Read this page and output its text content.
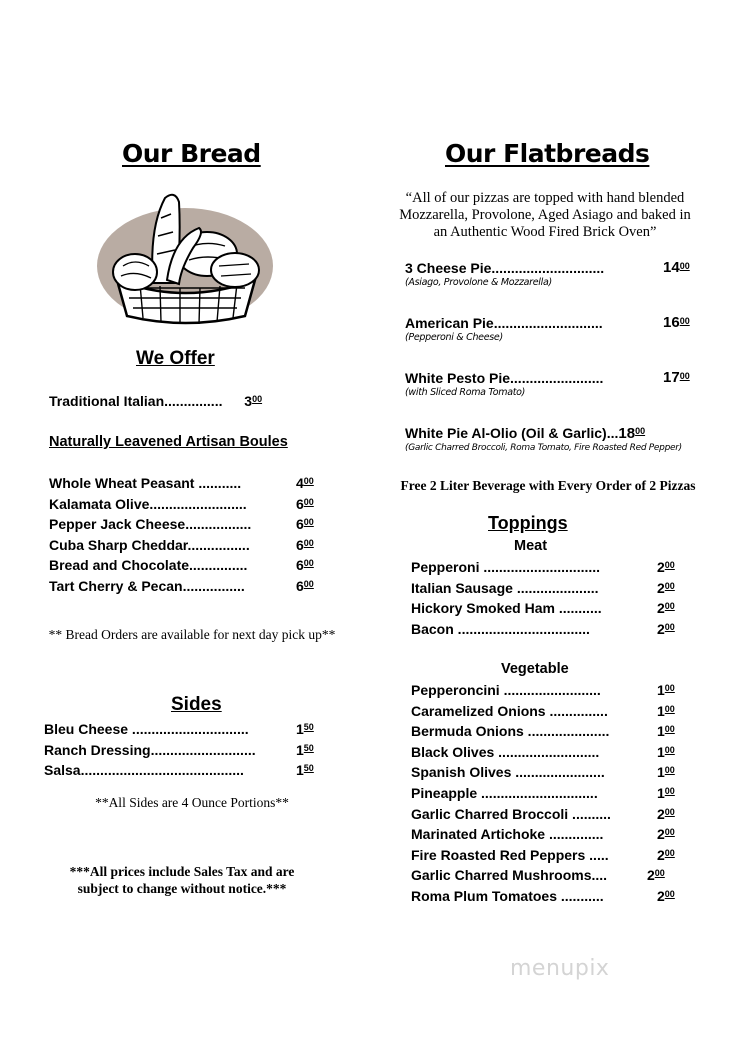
Our Bread
We Offer
Traditional Italian............... $3^{00}$
Naturally Leavened Artisan Boules
Whole Wheat Peasant ...........	$4^{00}$
Kalamata Olive.........................	$6^{00}$
Pepper Jack Cheese.................	$6^{00}$
Cuba Sharp Cheddar................	$6^{00}$
Bread and Chocolate...............	$6^{00}$
Tart Cherry & Pecan................	$6^{00}$
** Bread Orders are available for next day pick up**
Sides
Bleu Cheese ..............................	$1^{50}$
Ranch Dressing...........................	$1^{50}$
Salsa..........................................	$1^{50}$
**All Sides are 4 Ounce Portions**
***All prices include Sales Tax and are
subject to change without notice.***
Our Flatbreads
“All of our pizzas are topped with hand blended
Mozzarella, Provolone, Aged Asiago and baked in
an Authentic Wood Fired Brick Oven”
3 Cheese Pie.............................	$14^{00}$
(Asiago, Provolone & Mozzarella)
American Pie............................	$16^{00}$
(Pepperoni & Cheese)
White Pesto Pie........................	$17^{00}$
(with Sliced Roma Tomato)
White Pie Al-Olio (Oil & Garlic)...18$^{00}$
(Garlic Charred Broccoli, Roma Tomato, Fire Roasted Red Pepper)
Free 2 Liter Beverage with Every Order of 2 Pizzas
Toppings
Meat
Pepperoni ..............................	$2^{00}$
Italian Sausage .....................	$2^{00}$
Hickory Smoked Ham ...........	$2^{00}$
Bacon ..................................	$2^{00}$
Vegetable
Pepperoncini .........................	$1^{00}$
Caramelized Onions ...............	$1^{00}$
Bermuda Onions .....................	$1^{00}$
Black Olives ..........................	$1^{00}$
Spanish Olives .......................	$1^{00}$
Pineapple ..............................	$1^{00}$
Garlic Charred Broccoli ..........	$2^{00}$
Marinated Artichoke ..............	$2^{00}$
Fire Roasted Red Peppers .....	$2^{00}$
Garlic Charred Mushrooms....	$2^{00}$
Roma Plum Tomatoes ...........	$2^{00}$
menupix
